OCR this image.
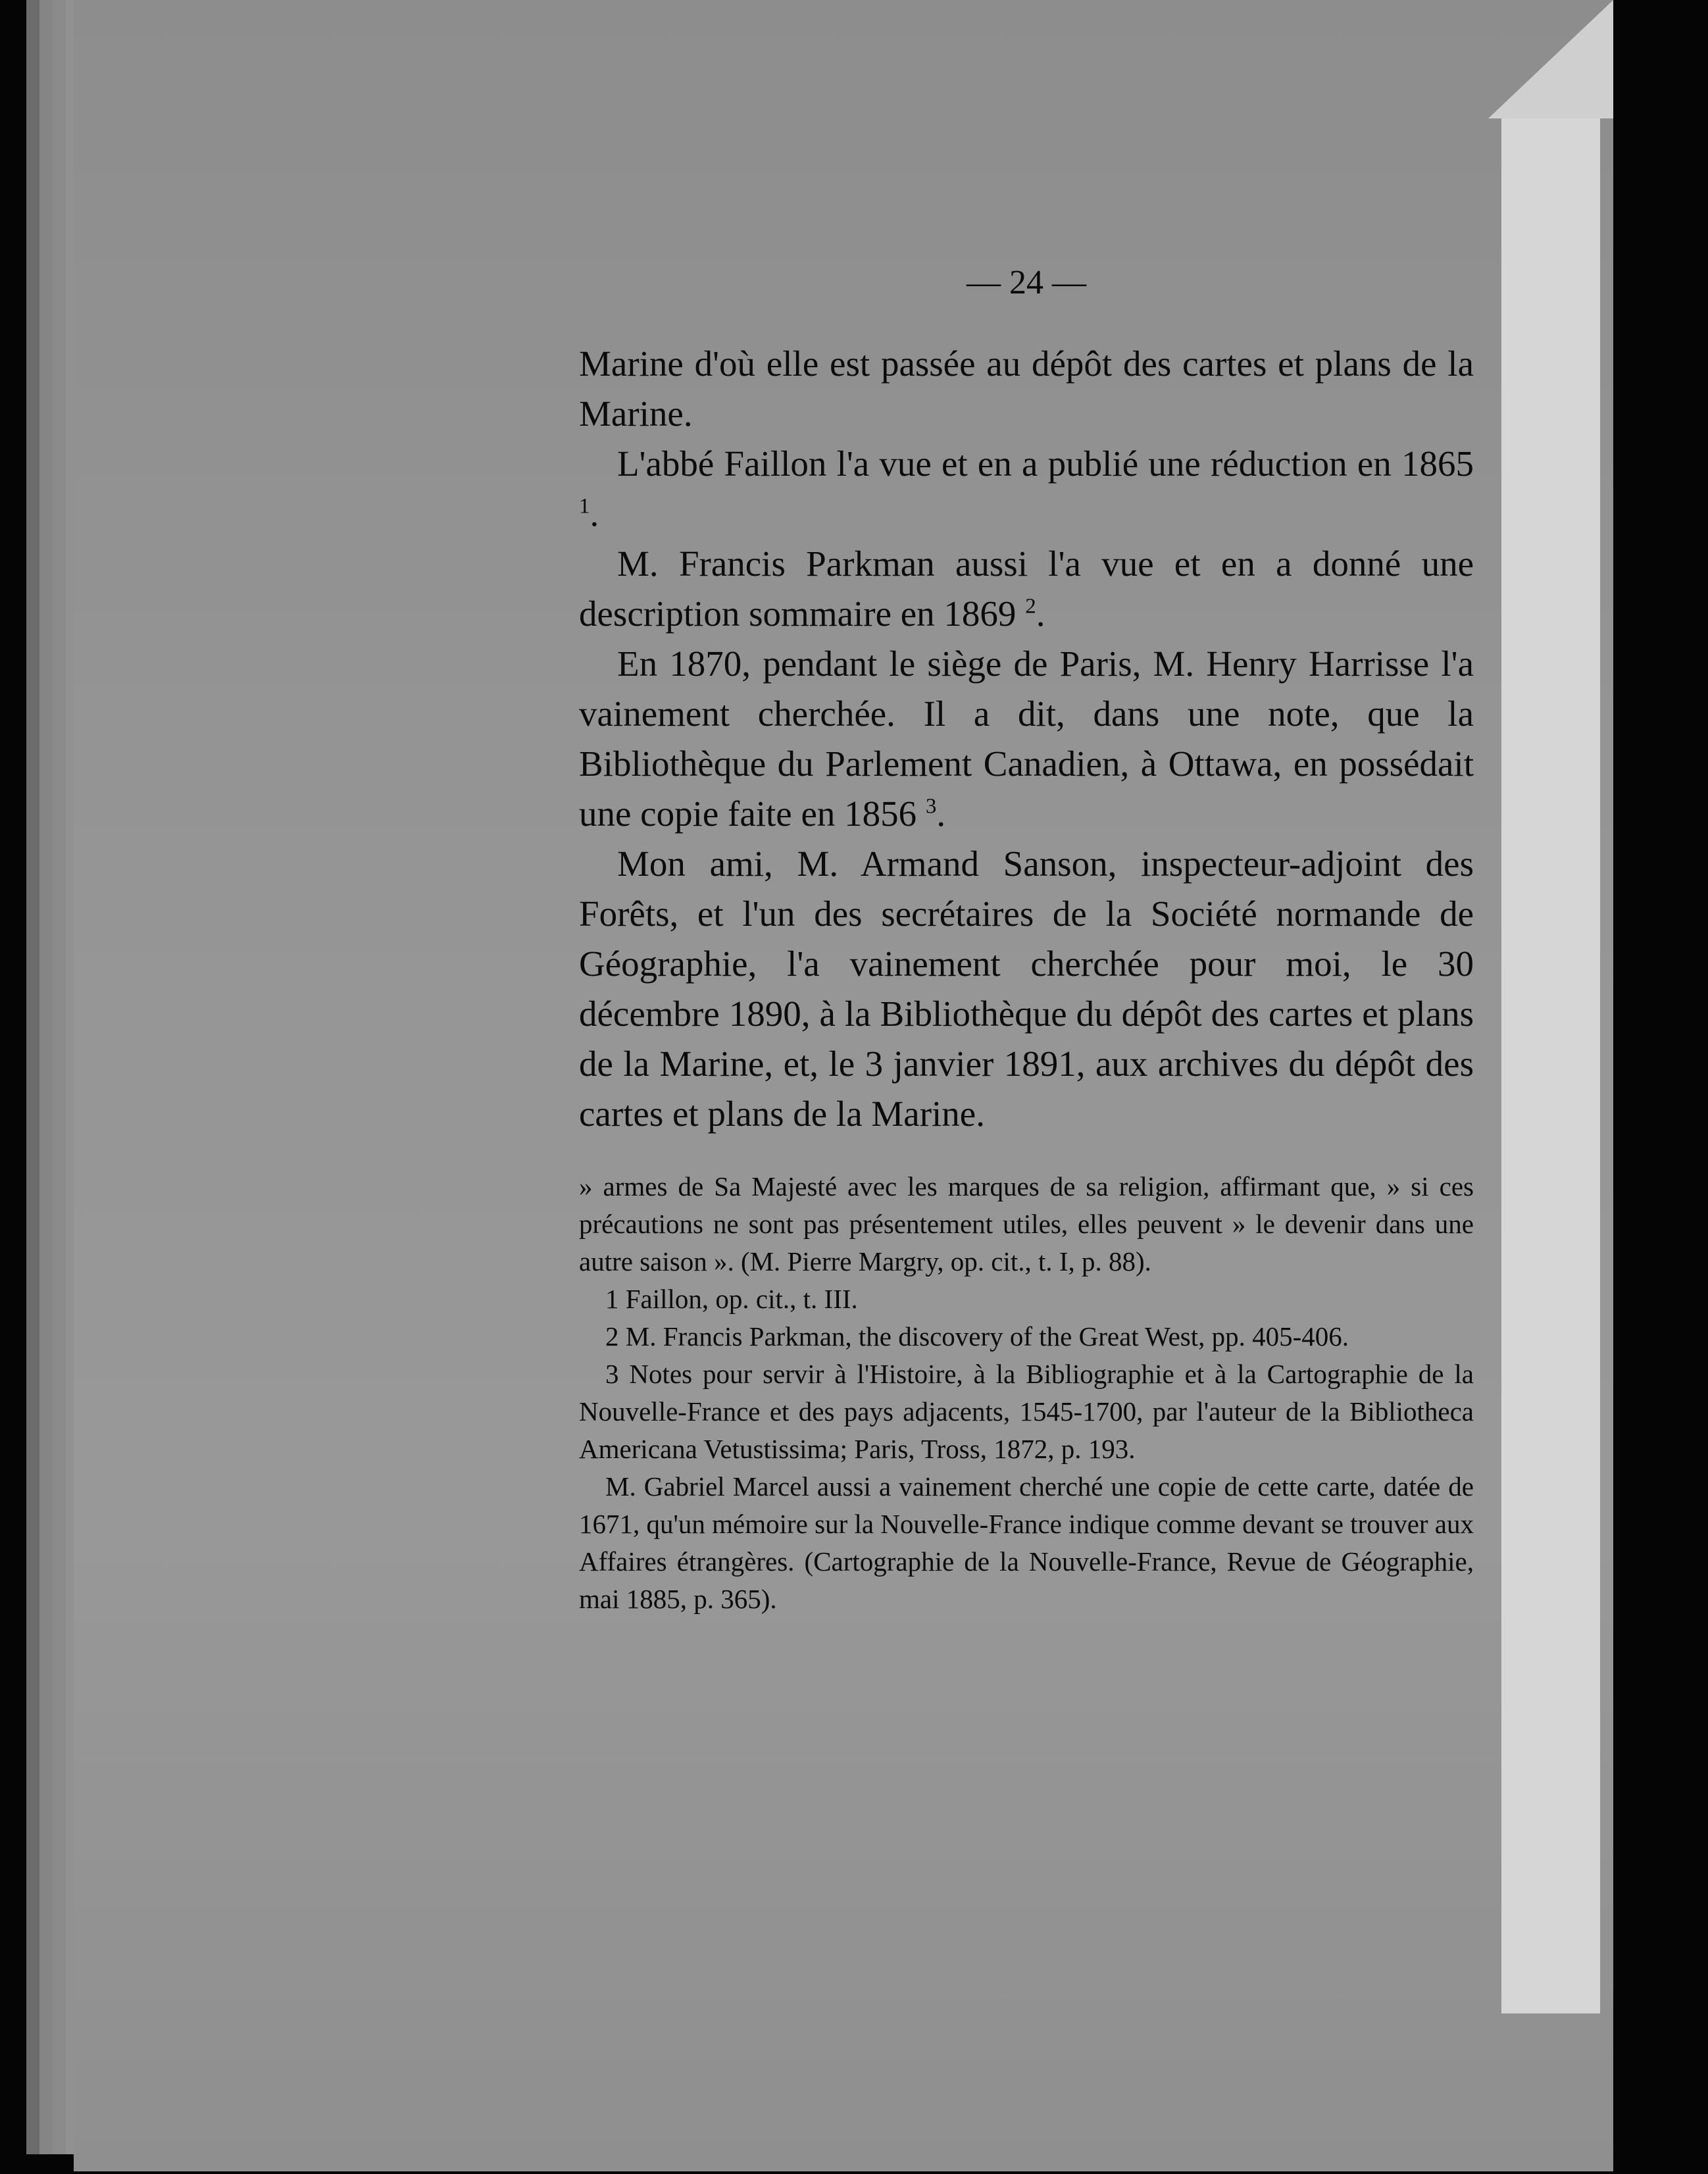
— 24 —

Marine d'où elle est passée au dépôt des cartes et plans de la Marine.

L'abbé Faillon l'a vue et en a publié une réduction en 1865 $^1$.

M. Francis Parkman aussi l'a vue et en a donné une description sommaire en 1869 $^2$.

En 1870, pendant le siège de Paris, M. Henry Harrisse l'a vainement cherchée. Il a dit, dans une note, que la Bibliothèque du Parlement Canadien, à Ottawa, en possédait une copie faite en 1856 $^3$.

Mon ami, M. Armand Sanson, inspecteur-adjoint des Forêts, et l'un des secrétaires de la Société normande de Géographie, l'a vainement cherchée pour moi, le 30 décembre 1890, à la Bibliothèque du dépôt des cartes et plans de la Marine, et, le 3 janvier 1891, aux archives du dépôt des cartes et plans de la Marine.

» armes de Sa Majesté avec les marques de sa religion, affirmant que, » si ces précautions ne sont pas présentement utiles, elles peuvent » le devenir dans une autre saison ». (M. Pierre Margry, op. cit., t. I, p. 88).

1 Faillon, op. cit., t. III.

2 M. Francis Parkman, the discovery of the Great West, pp. 405-406.

3 Notes pour servir à l'Histoire, à la Bibliographie et à la Cartographie de la Nouvelle-France et des pays adjacents, 1545-1700, par l'auteur de la Bibliotheca Americana Vetustissima; Paris, Tross, 1872, p. 193.

M. Gabriel Marcel aussi a vainement cherché une copie de cette carte, datée de 1671, qu'un mémoire sur la Nouvelle-France indique comme devant se trouver aux Affaires étrangères. (Cartographie de la Nouvelle-France, Revue de Géographie, mai 1885, p. 365).
